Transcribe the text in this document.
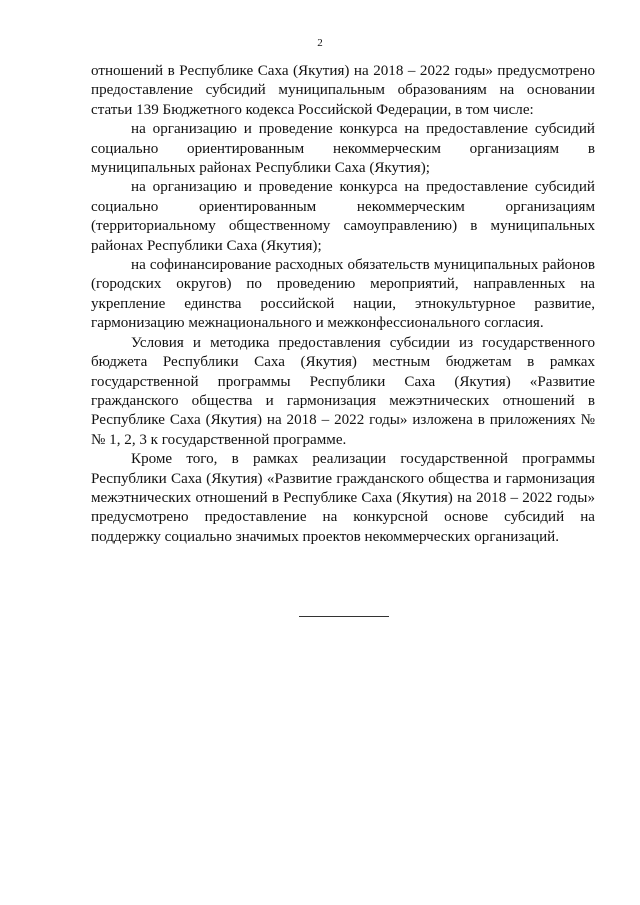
2

отношений в Республике Саха (Якутия) на 2018 – 2022 годы» предусмотрено предоставление субсидий муниципальным образованиям на основании статьи 139 Бюджетного кодекса Российской Федерации, в том числе:

на организацию и проведение конкурса на предоставление субсидий социально ориентированным некоммерческим организациям в муниципальных районах Республики Саха (Якутия);

на организацию и проведение конкурса на предоставление субсидий социально ориентированным некоммерческим организациям (территориальному общественному самоуправлению) в муниципальных районах Республики Саха (Якутия);

на софинансирование расходных обязательств муниципальных районов (городских округов) по проведению мероприятий, направленных на укрепление единства российской нации, этнокультурное развитие, гармонизацию межнационального и межконфессионального согласия.

Условия и методика предоставления субсидии из государственного бюджета Республики Саха (Якутия) местным бюджетам в рамках государственной программы Республики Саха (Якутия) «Развитие гражданского общества и гармонизация межэтнических отношений в Республике Саха (Якутия) на 2018 – 2022 годы» изложена в приложениях №№ 1, 2, 3 к государственной программе.

Кроме того, в рамках реализации государственной программы Республики Саха (Якутия) «Развитие гражданского общества и гармонизация межэтнических отношений в Республике Саха (Якутия) на 2018 – 2022 годы» предусмотрено предоставление на конкурсной основе субсидий на поддержку социально значимых проектов некоммерческих организаций.
